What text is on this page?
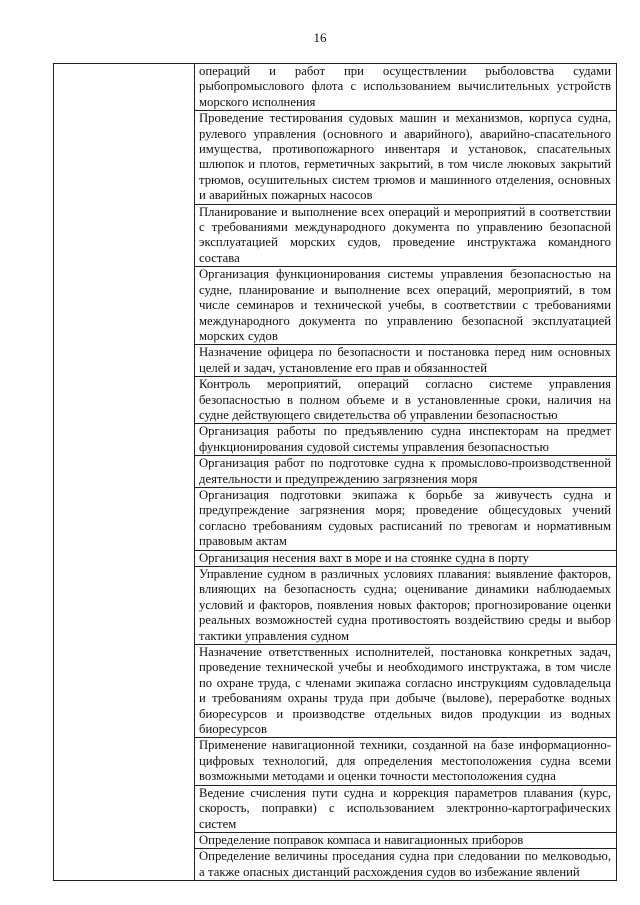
16
	операций и работ при осуществлении рыболовства судами рыбопромыслового флота с использованием вычислительных устройств морского исполнения
Проведение тестирования судовых машин и механизмов, корпуса судна, рулевого управления (основного и аварийного), аварийно-спасательного имущества, противопожарного инвентаря и установок, спасательных шлюпок и плотов, герметичных закрытий, в том числе люковых закрытий трюмов, осушительных систем трюмов и машинного отделения, основных и аварийных пожарных насосов
Планирование и выполнение всех операций и мероприятий в соответствии с требованиями международного документа по управлению безопасной эксплуатацией морских судов, проведение инструктажа командного состава
Организация функционирования системы управления безопасностью на судне, планирование и выполнение всех операций, мероприятий, в том числе семинаров и технической учебы, в соответствии с требованиями международного документа по управлению безопасной эксплуатацией морских судов
Назначение офицера по безопасности и постановка перед ним основных целей и задач, установление его прав и обязанностей
Контроль мероприятий, операций согласно системе управления безопасностью в полном объеме и в установленные сроки, наличия на судне действующего свидетельства об управлении безопасностью
Организация работы по предъявлению судна инспекторам на предмет функционирования судовой системы управления безопасностью
Организация работ по подготовке судна к промыслово-производственной деятельности и предупреждению загрязнения моря
Организация подготовки экипажа к борьбе за живучесть судна и предупреждение загрязнения моря; проведение общесудовых учений согласно требованиям судовых расписаний по тревогам и нормативным правовым актам
Организация несения вахт в море и на стоянке судна в порту
Управление судном в различных условиях плавания: выявление факторов, влияющих на безопасность судна; оценивание динамики наблюдаемых условий и факторов, появления новых факторов; прогнозирование оценки реальных возможностей судна противостоять воздействию среды и выбор тактики управления судном
Назначение ответственных исполнителей, постановка конкретных задач, проведение технической учебы и необходимого инструктажа, в том числе по охране труда, с членами экипажа согласно инструкциям судовладельца и требованиям охраны труда при добыче (вылове), переработке водных биоресурсов и производстве отдельных видов продукции из водных биоресурсов
Применение навигационной техники, созданной на базе информационно-цифровых технологий, для определения местоположения судна всеми возможными методами и оценки точности местоположения судна
Ведение счисления пути судна и коррекция параметров плавания (курс, скорость, поправки) с использованием электронно-картографических систем
Определение поправок компаса и навигационных приборов
Определение величины проседания судна при следовании по мелководью, а также опасных дистанций расхождения судов во избежание явлений
